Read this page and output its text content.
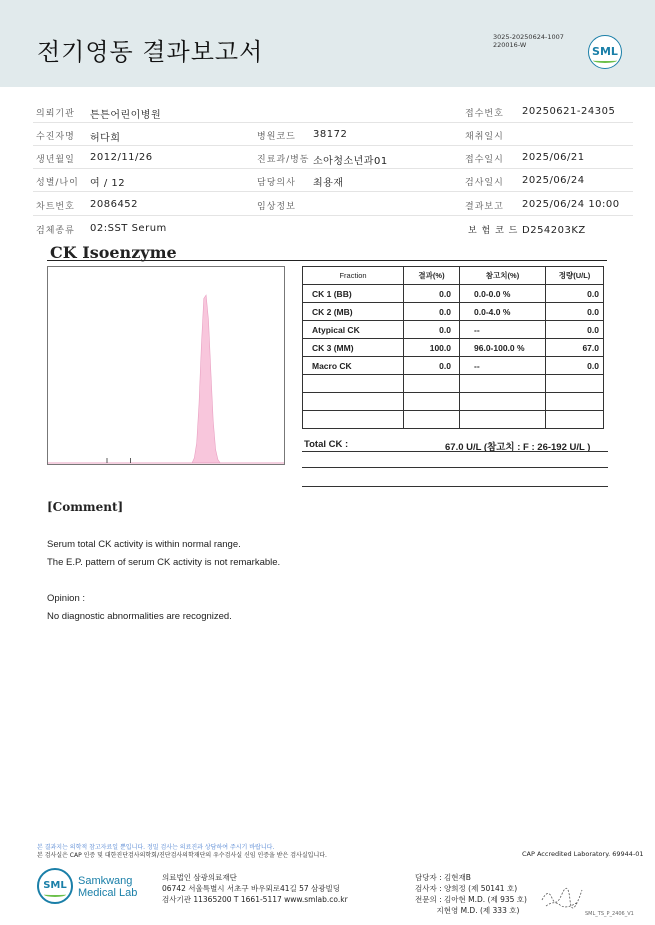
전기영동 결과보고서
3025-20250624-1007
220016-W	SML
의뢰기관 튼튼어린이병원	접수번호 20250621-24305
수진자명 허다희	병원코드 38172	채취일시
생년월일 2012/11/26	진료과/병동 소아청소년과01	접수일시 2025/06/21
성별/나이 여 / 12	담당의사 최용재	검사일시 2025/06/24
차트번호 2086452	임상정보	결과보고 2025/06/24 10:00
검체종류 02:SST Serum	보 험 코 드 D254203KZ
CK Isoenzyme
Fraction	결과(%)	참고치(%)	정량(U/L)
CK 1 (BB)	0.0	0.0-0.0 %	0.0
CK 2 (MB)	0.0	0.0-4.0 %	0.0
Atypical CK	0.0	--	0.0
CK 3 (MM)	100.0	96.0-100.0 %	67.0
Macro CK	0.0	--	0.0

Total CK :	67.0 U/L (참고치 : F : 26-192 U/L )
[Comment]
Serum total CK activity is within normal range.
The E.P. pattern of serum CK activity is not remarkable.
Opinion :
No diagnostic abnormalities are recognized.
본 결과지는 의학적 참고자료일 뿐입니다. 정밀 검사는 의료진과 상담하여 주시기 바랍니다.
본 검사실은 CAP 인증 및 대한진단검사의학회/진단검사의학재단의 우수검사실 신임 인증을 받은 검사실입니다.	CAP Accredited Laboratory. 69944-01
SML	Samkwang
Medical Lab
의료법인 삼광의료재단
06742 서울특별시 서초구 바우뫼로41길 57 삼광빌딩
검사기관 11365200 T 1661-5117 www.smlab.co.kr
담당자 : 김현재B
검사자 : 양희정 (제 50141 호)
전문의 : 김아현 M.D. (제 935 호)
지현영 M.D. (제 333 호)	SML_TS_P_2406_V1
